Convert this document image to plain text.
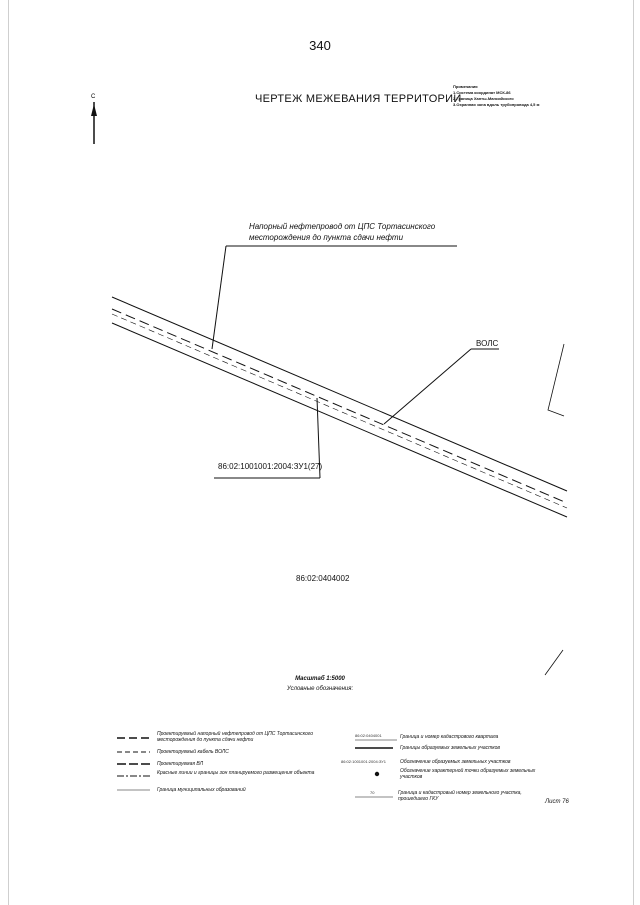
340
ЧЕРТЕЖ МЕЖЕВАНИЯ ТЕРРИТОРИИ
Примечания
1.Система координат МСК-86
2.Граница Ханты-Мансийского
3.Охранная зона вдоль трубопровода 4,5 м
С
Напорный нефтепровод от ЦПС Тортасинского
месторождения до пункта сдачи нефти
ВОЛС
86:02:1001001:2004:ЗУ1(27)
86:02:0404002
Масштаб 1:5000
Условные обозначения:
Проектируемый напорный нефтепровод от ЦПС Тортасинского месторождения до пункта сдачи нефти
Проектируемый кабель ВОЛС
Проектируемая ВЛ
Красные линии и границы зон планируемого размещения объекта
Граница муниципальных образований
86:02:0404001
86:02:1001001:2004:ЗУ1
70
Граница и номер кадастрового квартала
Границы образуемых земельных участков
Обозначение образуемых земельных участков
Обозначение характерной точки образуемых земельных участков
Граница и кадастровый номер земельного участка, прошедшего ГКУ	Лист 76
